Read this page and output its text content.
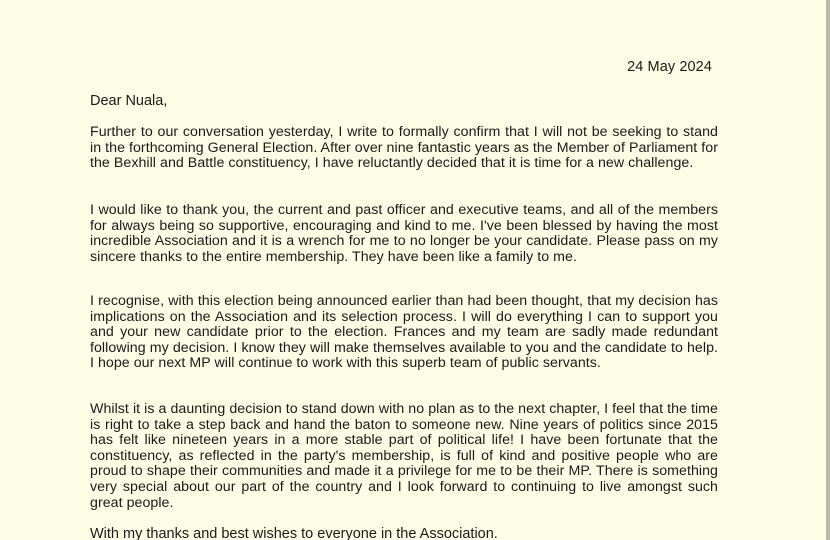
24 May 2024
Dear Nuala,
Further to our conversation yesterday, I write to formally confirm that I will not be seeking to stand in the forthcoming General Election. After over nine fantastic years as the Member of Parliament for the Bexhill and Battle constituency, I have reluctantly decided that it is time for a new challenge.
I would like to thank you, the current and past officer and executive teams, and all of the members for always being so supportive, encouraging and kind to me. I've been blessed by having the most incredible Association and it is a wrench for me to no longer be your candidate. Please pass on my sincere thanks to the entire membership. They have been like a family to me.
I recognise, with this election being announced earlier than had been thought, that my decision has implications on the Association and its selection process. I will do everything I can to support you and your new candidate prior to the election. Frances and my team are sadly made redundant following my decision. I know they will make themselves available to you and the candidate to help. I hope our next MP will continue to work with this superb team of public servants.
Whilst it is a daunting decision to stand down with no plan as to the next chapter, I feel that the time is right to take a step back and hand the baton to someone new. Nine years of politics since 2015 has felt like nineteen years in a more stable part of political life! I have been fortunate that the constituency, as reflected in the party's membership, is full of kind and positive people who are proud to shape their communities and made it a privilege for me to be their MP. There is something very special about our part of the country and I look forward to continuing to live amongst such great people.
With my thanks and best wishes to everyone in the Association.
